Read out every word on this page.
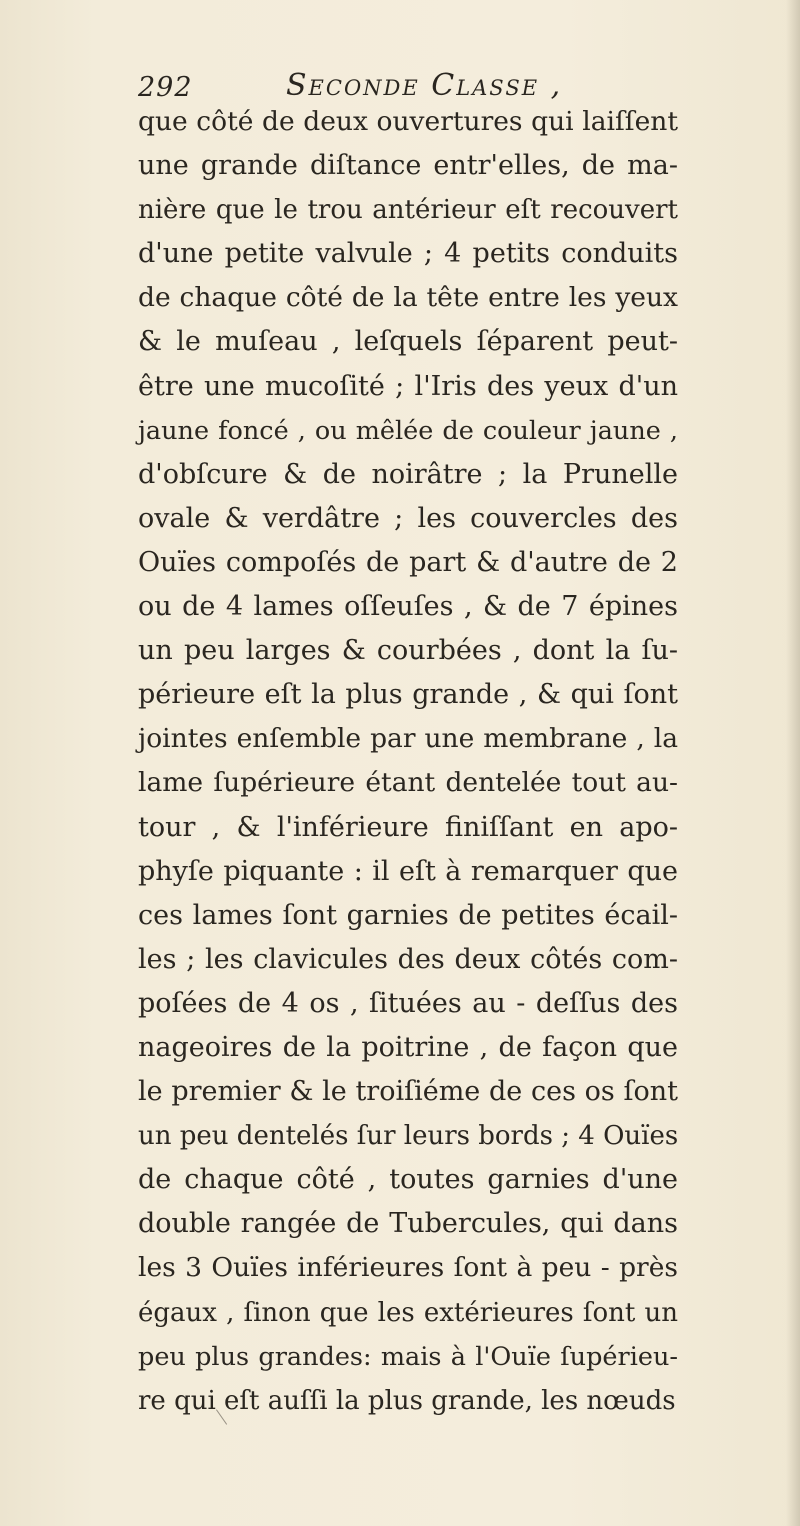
292	Seconde Classe ,
que côté de deux ouvertures qui laiſſent
une grande diſtance entr'elles, de ma-
nière que le trou antérieur eſt recouvert
d'une petite valvule ; 4 petits conduits
de chaque côté de la tête entre les yeux
& le muſeau , leſquels ſéparent peut-
être une mucoſité ; l'Iris des yeux d'un
jaune foncé , ou mêlée de couleur jaune ,
d'obſcure & de noirâtre ; la Prunelle
ovale & verdâtre ; les couvercles des
Ouïes compoſés de part & d'autre de 2
ou de 4 lames oſſeuſes , & de 7 épines
un peu larges & courbées , dont la ſu-
périeure eſt la plus grande , & qui ſont
jointes enſemble par une membrane , la
lame ſupérieure étant dentelée tout au-
tour , & l'inférieure finiſſant en apo-
phyſe piquante : il eſt à remarquer que
ces lames ſont garnies de petites écail-
les ; les clavicules des deux côtés com-
poſées de 4 os , ſituées au - deſſus des
nageoires de la poitrine , de façon que
le premier & le troiſiéme de ces os ſont
un peu dentelés ſur leurs bords ; 4 Ouïes
de chaque côté , toutes garnies d'une
double rangée de Tubercules, qui dans
les 3 Ouïes inférieures ſont à peu - près
égaux , ſinon que les extérieures ſont un
peu plus grandes: mais à l'Ouïe ſupérieu-
re qui eſt auſſi la plus grande, les nœuds
